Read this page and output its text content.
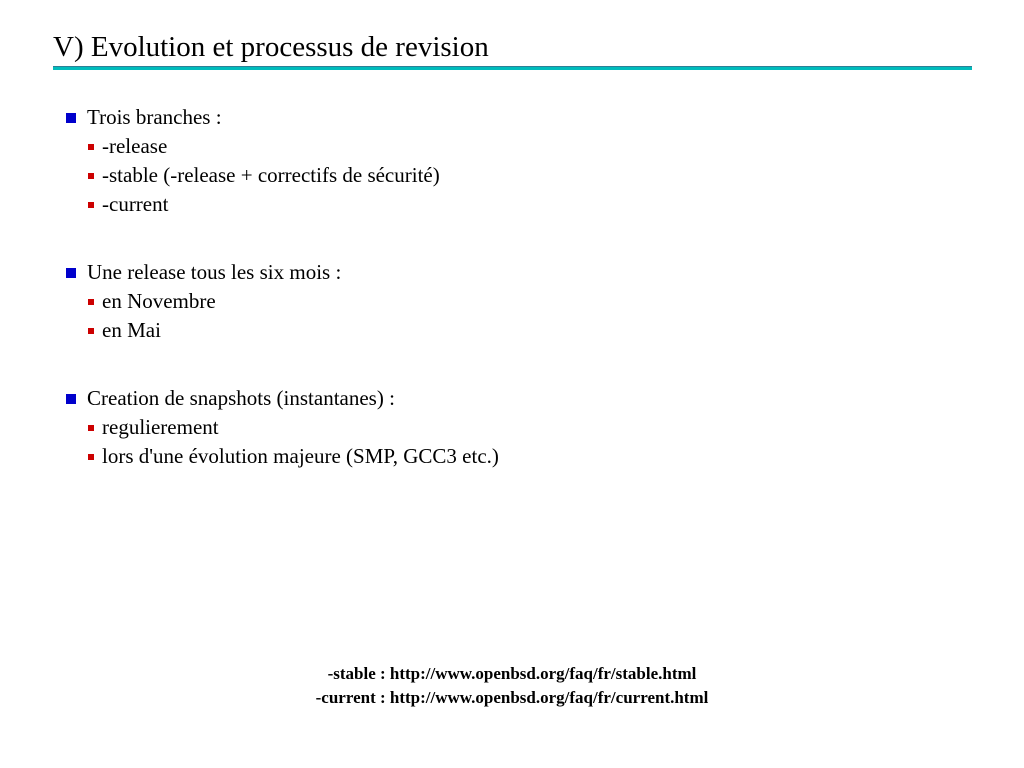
V) Evolution et processus de revision
Trois branches :
-release
-stable (-release + correctifs de sécurité)
-current
Une release tous les six mois :
en Novembre
en Mai
Creation de snapshots (instantanes) :
regulierement
lors d'une évolution majeure (SMP, GCC3 etc.)
-stable : http://www.openbsd.org/faq/fr/stable.html
-current : http://www.openbsd.org/faq/fr/current.html
